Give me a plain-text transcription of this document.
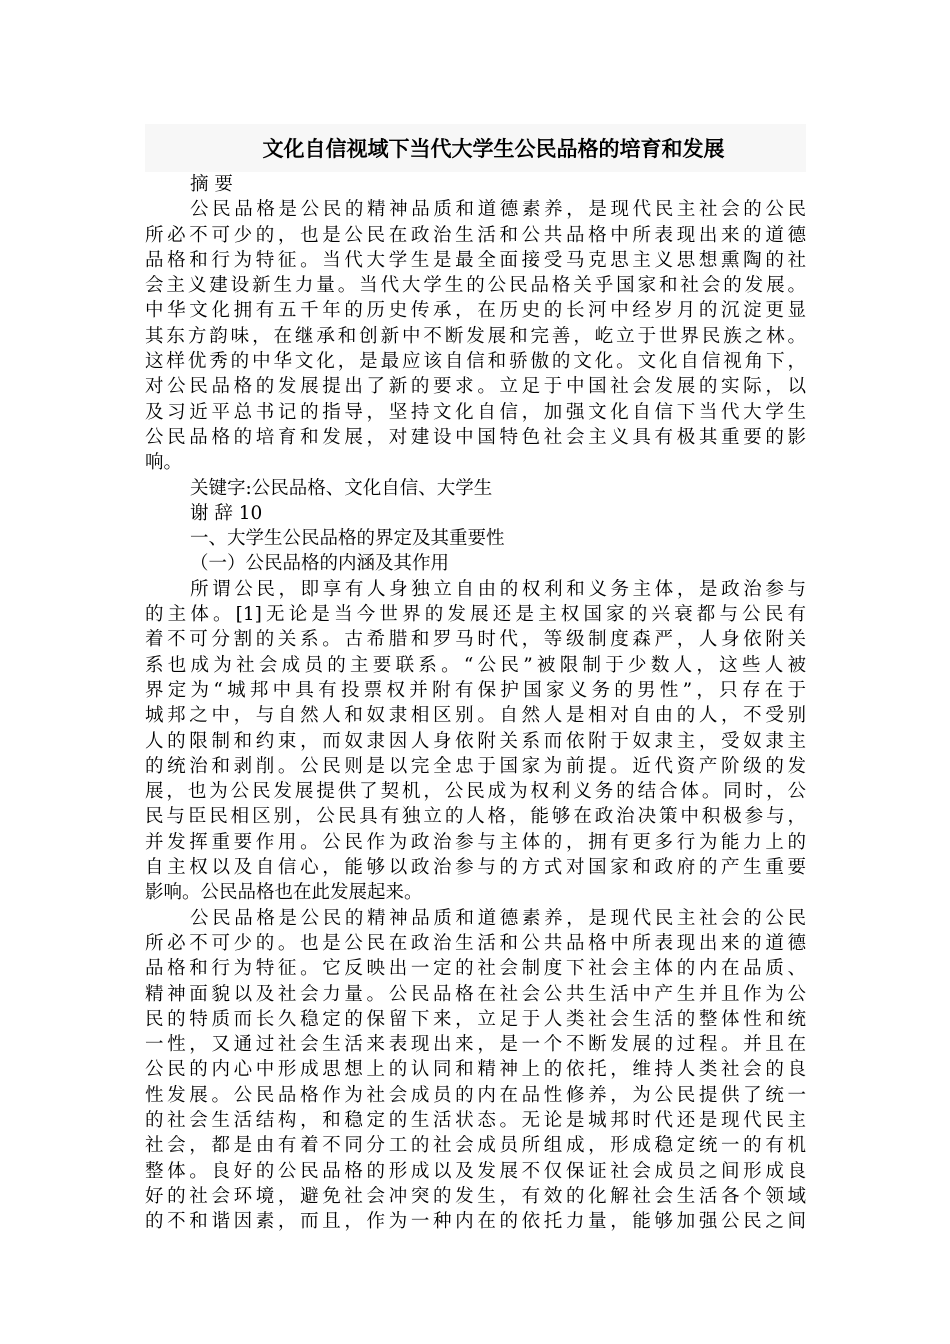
文化自信视域下当代大学生公民品格的培育和发展

摘 要

公民品格是公民的精神品质和道德素养，是现代民主社会的公民
所必不可少的，也是公民在政治生活和公共品格中所表现出来的道德
品格和行为特征。当代大学生是最全面接受马克思主义思想熏陶的社
会主义建设新生力量。当代大学生的公民品格关乎国家和社会的发展。
中华文化拥有五千年的历史传承，在历史的长河中经岁月的沉淀更显
其东方韵味，在继承和创新中不断发展和完善，屹立于世界民族之林。
这样优秀的中华文化，是最应该自信和骄傲的文化。文化自信视角下，
对公民品格的发展提出了新的要求。立足于中国社会发展的实际，以
及习近平总书记的指导，坚持文化自信，加强文化自信下当代大学生
公民品格的培育和发展，对建设中国特色社会主义具有极其重要的影
响。

关键字:公民品格、文化自信、大学生

谢 辞 10

一、大学生公民品格的界定及其重要性

（一）公民品格的内涵及其作用

所谓公民，即享有人身独立自由的权利和义务主体，是政治参与
的主体。[1]无论是当今世界的发展还是主权国家的兴衰都与公民有
着不可分割的关系。古希腊和罗马时代，等级制度森严，人身依附关
系也成为社会成员的主要联系。“公民”被限制于少数人，这些人被
界定为“城邦中具有投票权并附有保护国家义务的男性”，只存在于
城邦之中，与自然人和奴隶相区别。自然人是相对自由的人，不受别
人的限制和约束，而奴隶因人身依附关系而依附于奴隶主，受奴隶主
的统治和剥削。公民则是以完全忠于国家为前提。近代资产阶级的发
展，也为公民发展提供了契机，公民成为权利义务的结合体。同时，公
民与臣民相区别，公民具有独立的人格，能够在政治决策中积极参与，
并发挥重要作用。公民作为政治参与主体的，拥有更多行为能力上的
自主权以及自信心，能够以政治参与的方式对国家和政府的产生重要
影响。公民品格也在此发展起来。
公民品格是公民的精神品质和道德素养，是现代民主社会的公民
所必不可少的。也是公民在政治生活和公共品格中所表现出来的道德
品格和行为特征。它反映出一定的社会制度下社会主体的内在品质、
精神面貌以及社会力量。公民品格在社会公共生活中产生并且作为公
民的特质而长久稳定的保留下来，立足于人类社会生活的整体性和统
一性，又通过社会生活来表现出来，是一个不断发展的过程。并且在
公民的内心中形成思想上的认同和精神上的依托，维持人类社会的良
性发展。公民品格作为社会成员的内在品性修养，为公民提供了统一
的社会生活结构，和稳定的生活状态。无论是城邦时代还是现代民主
社会，都是由有着不同分工的社会成员所组成，形成稳定统一的有机
整体。良好的公民品格的形成以及发展不仅保证社会成员之间形成良
好的社会环境，避免社会冲突的发生，有效的化解社会生活各个领域
的不和谐因素，而且，作为一种内在的依托力量，能够加强公民之间
